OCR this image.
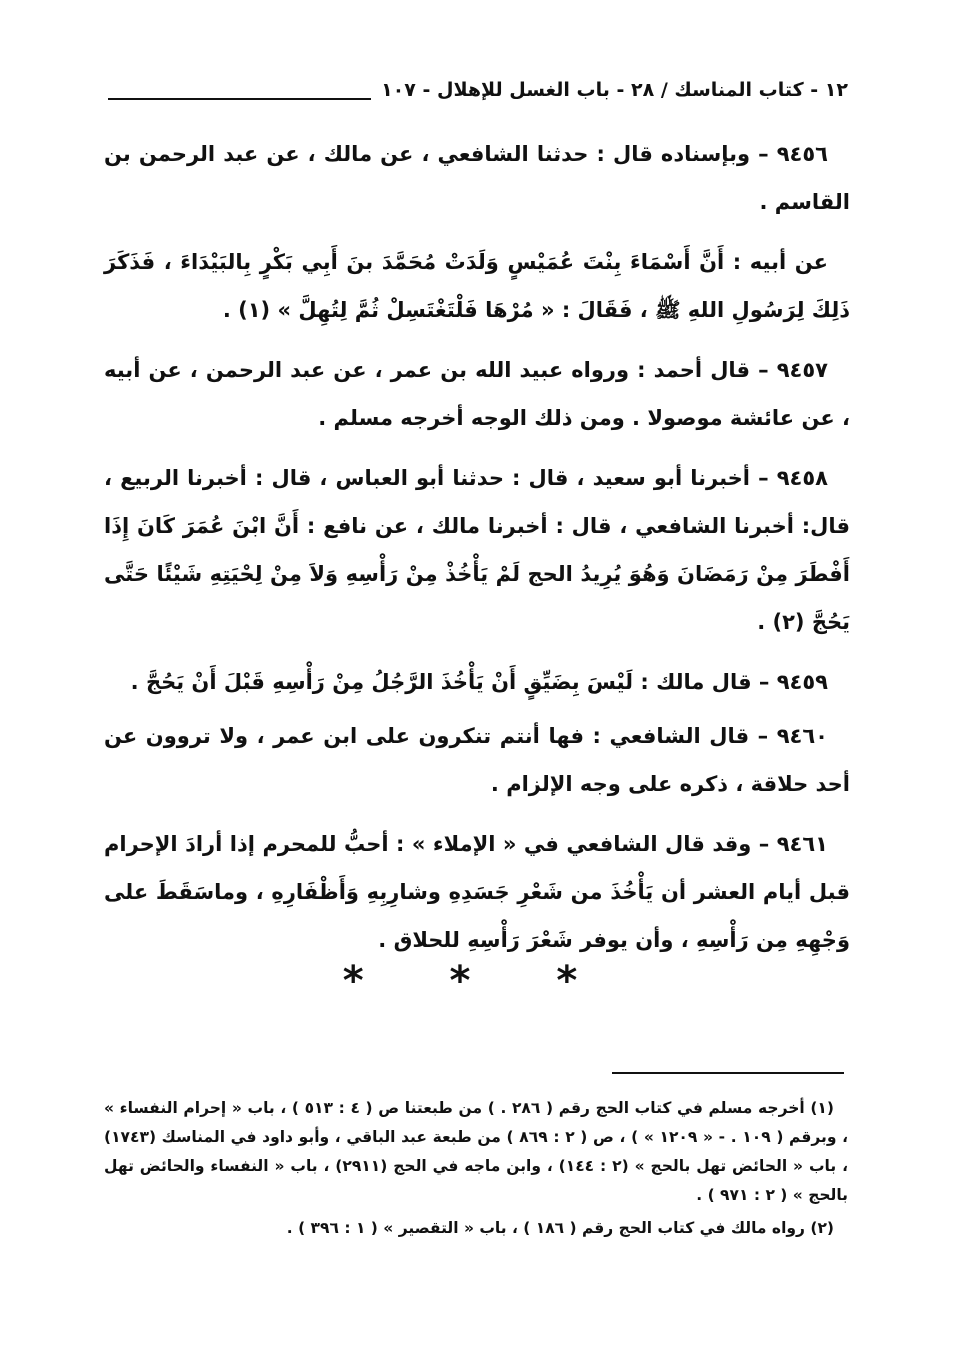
١٢ - كتاب المناسك / ٢٨ - باب الغسل للإهلال - ١٠٧

٩٤٥٦ – وبإسناده قال : حدثنا الشافعي ، عن مالك ، عن عبد الرحمن بن القاسم .

عن أبيه : أَنَّ أَسْمَاءَ بِنْتَ عُمَيْسٍ وَلَدَتْ مُحَمَّدَ بنَ أَبِي بَكْرٍ بِالبَيْدَاءَ ، فَذَكَرَ ذَلِكَ لِرَسُولِ اللهِ ﷺ ، فَقَالَ : « مُرْهَا فَلْتَغْتَسِلْ ثُمَّ لِتُهِلَّ » (١) .

٩٤٥٧ – قال أحمد : ورواه عبيد الله بن عمر ، عن عبد الرحمن ، عن أبيه ، عن عائشة موصولا . ومن ذلك الوجه أخرجه مسلم .

٩٤٥٨ – أخبرنا أبو سعيد ، قال : حدثنا أبو العباس ، قال : أخبرنا الربيع ، قال: أخبرنا الشافعي ، قال : أخبرنا مالك ، عن نافع : أَنَّ ابْنَ عُمَرَ كَانَ إِذَا أَفْطَرَ مِنْ رَمَضَانَ وَهُوَ يُرِيدُ الحج لَمْ يَأْخُذْ مِنْ رَأْسِهِ وَلاَ مِنْ لِحْيَتِهِ شَيْئًا حَتَّى يَحُجَّ (٢) .

٩٤٥٩ – قال مالك : لَيْسَ بِضَيِّقٍ أَنْ يَأْخُذَ الرَّجُلُ مِنْ رَأْسِهِ قَبْلَ أَنْ يَحُجَّ .

٩٤٦٠ – قال الشافعي : فها أنتم تنكرون على ابن عمر ، ولا تروون عن أحد حلاقة ، ذكره على وجه الإلزام .

٩٤٦١ – وقد قال الشافعي في « الإملاء » : أحبُّ للمحرم إذا أرادَ الإحرام قبل أيام العشر أن يَأْخُذَ من شَعْرِ جَسَدِهِ وشارِبِهِ وَأَظْفَارِهِ ، وماسَقَطَ على وَجْهِهِ مِن رَأْسِهِ ، وأن يوفر شَعْرَ رَأْسِهِ للحلاق .

* * *

(١) أخرجه مسلم في كتاب الحج رقم ( ٢٨٦ . ) من طبعتنا ص ( ٤ : ٥١٣ ) ، باب « إحرام النفساء » ، وبرقم ( ١٠٩ . - « ١٢٠٩ » ) ، ص ( ٢ : ٨٦٩ ) من طبعة عبد الباقي ، وأبو داود في المناسك (١٧٤٣) ، باب « الحائض تهل بالحج » (٢ : ١٤٤) ، وابن ماجه في الحج (٢٩١١) ، باب « النفساء والحائض تهل بالحج » ( ٢ : ٩٧١ ) .

(٢) رواه مالك في كتاب الحج رقم ( ١٨٦ ) ، باب « التقصير » ( ١ : ٣٩٦ ) .
